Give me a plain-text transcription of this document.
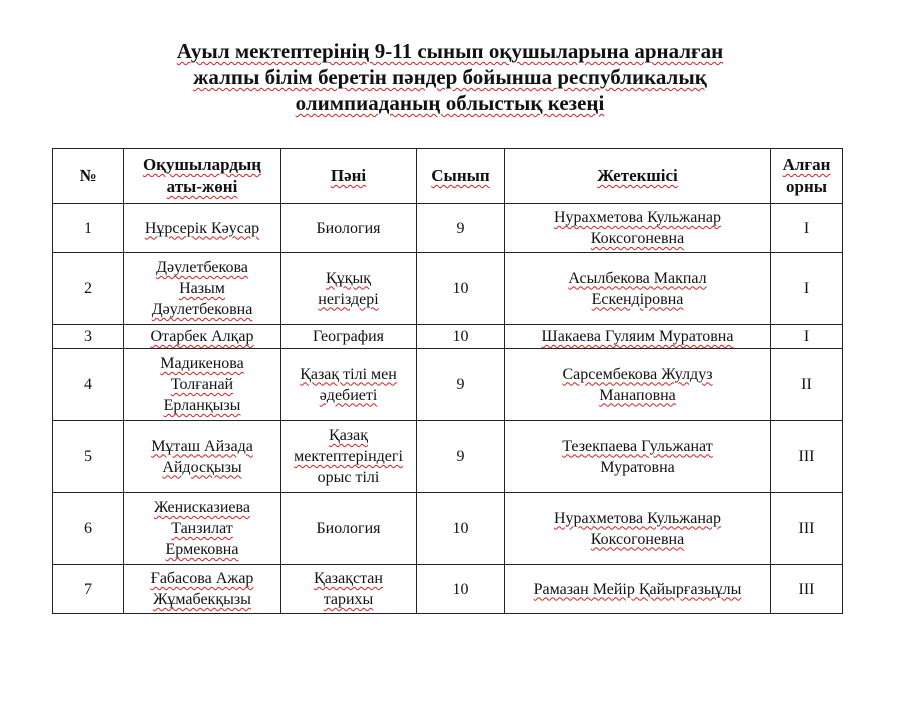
Ауыл мектептерінің 9-11 сынып оқушыларына арналған
жалпы білім беретін пәндер бойынша республикалық
олимпиаданың облыстық кезеңі
№	Оқушылардың
аты-жөні	Пәні	Сынып	Жетекшісі	Алған
орны
1	Нұрсерік Кәусар	Биология	9	Нурахметова Кульжанар
Коксогоневна	I
2	Дәулетбекова
Назым
Дәулетбековна	Құқық
негіздері	10	Асылбекова Макпал
Ескендіровна	I
3	Отарбек Алқар	География	10	Шакаева Гуляим Муратовна	I
4	Мадикенова
Толғанай
Ерланқызы	Қазақ тілі мен
әдебиеті	9	Сарсембекова Жулдуз
Манаповна	II
5	Мұташ Айзада
Айдосқызы	Қазақ
мектептеріндегі
орыс тілі	9	Тезекпаева Гульжанат
Муратовна	III
6	Женисказиева
Танзилат
Ермековна	Биология	10	Нурахметова Кульжанар
Коксогоневна	III
7	Ғабасова Ажар
Жұмабекқызы	Қазақстан
тарихы	10	Рамазан Мейір Қайырғазыұлы	III
